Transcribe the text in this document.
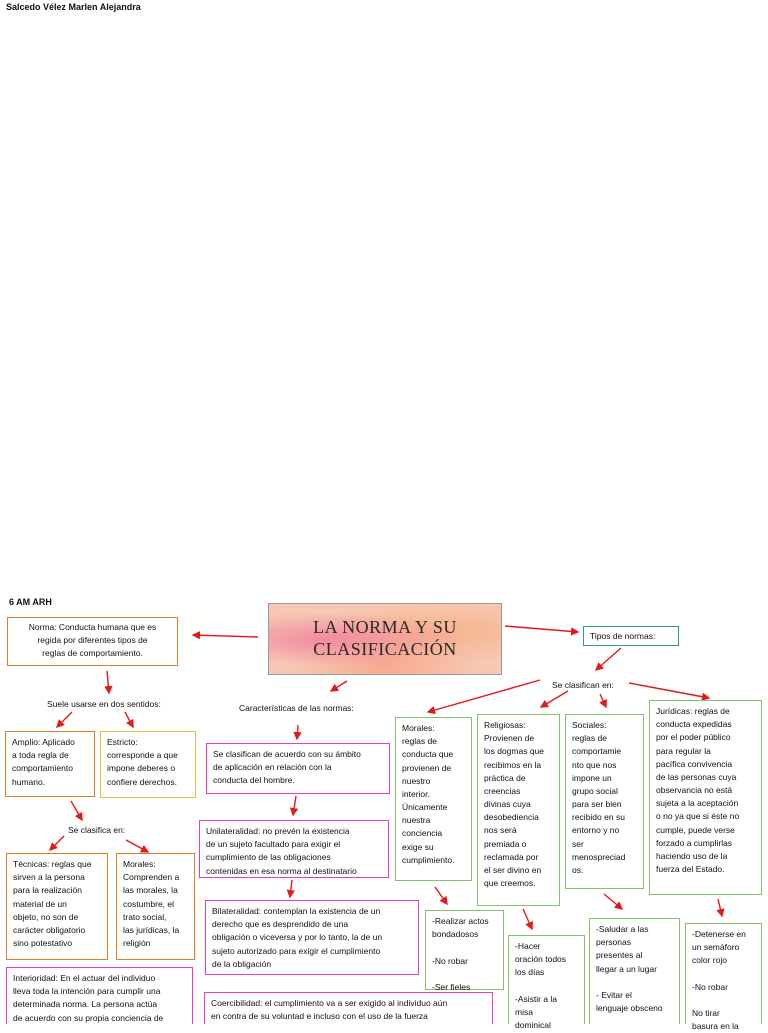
Salcedo Vélez Marlen Alejandra
6 AM ARH
LA NORMA Y SU
CLASIFICACIÓN
Norma: Conducta humana que es
regida por diferentes tipos de
reglas de comportamiento.
Suele usarse en dos sentidos:
Amplio: Aplicado
a toda regla de
comportamiento
humano.
Estricto:
corresponde a que
impone deberes o
confiere derechos.
Se clasifica en:
Técnicas: reglas que
sirven a la persona
para la realización
material de un
objeto, no son de
carácter obligatorio
sino potestativo
Morales:
Comprenden a
las morales, la
costumbre, el
trato social,
las jurídicas, la
religión
Interioridad: En el actuar del individuo
lleva toda la intención para cumplir una
determinada norma. La persona actúa
de acuerdo con su propia conciencia de
Características de las normas:
Se clasifican de acuerdo con su ámbito
de aplicación en relación con la
conducta del hombre.
Unilateralidad: no prevén la existencia
de un sujeto facultado para exigir el
cumplimiento de las obligaciones
contenidas en esa norma al destinatario
Bilateralidad: contemplan la existencia de un
derecho que es desprendido de una
obligación o viceversa y por lo tanto, la de un
sujeto autorizado para exigir el cumplimiento
de la obligación
Coercibilidad: el cumplimiento va a ser exigido al individuo aún
en contra de su voluntad e incluso con el uso de la fuerza
Tipos de normas:
Se clasifican en:
Morales:
reglas de
conducta que
provienen de
nuestro
interior.
Únicamente
nuestra
conciencia
exige su
cumplimiento.
Religiosas:
Provienen de
los dogmas que
recibimos en la
práctica de
creencias
divinas cuya
desobediencia
nos será
premiada o
reclamada por
el ser divino en
que creemos.
Sociales:
reglas de
comportamie
nto que nos
impone un
grupo social
para ser bien
recibido en su
entorno y no
ser
menospreciad
os.
Jurídicas: reglas de
conducta expedidas
por el poder público
para regular la
pacífica convivencia
de las personas cuya
observancia no está
sujeta a la aceptación
o no ya que si éste no
cumple, puede verse
forzado a cumplirlas
haciendo uso de la
fuerza del Estado.
-Realizar actos
bondadosos

-No robar

-Ser fieles
-Hacer
oración todos
los días

-Asistir a la
misa
dominical
-Saludar a las
personas
presentes al
llegar a un lugar

- Evitar el
lenguaje obsceno
-Detenerse en
un semáforo
color rojo

-No robar

No tirar
basura en la
